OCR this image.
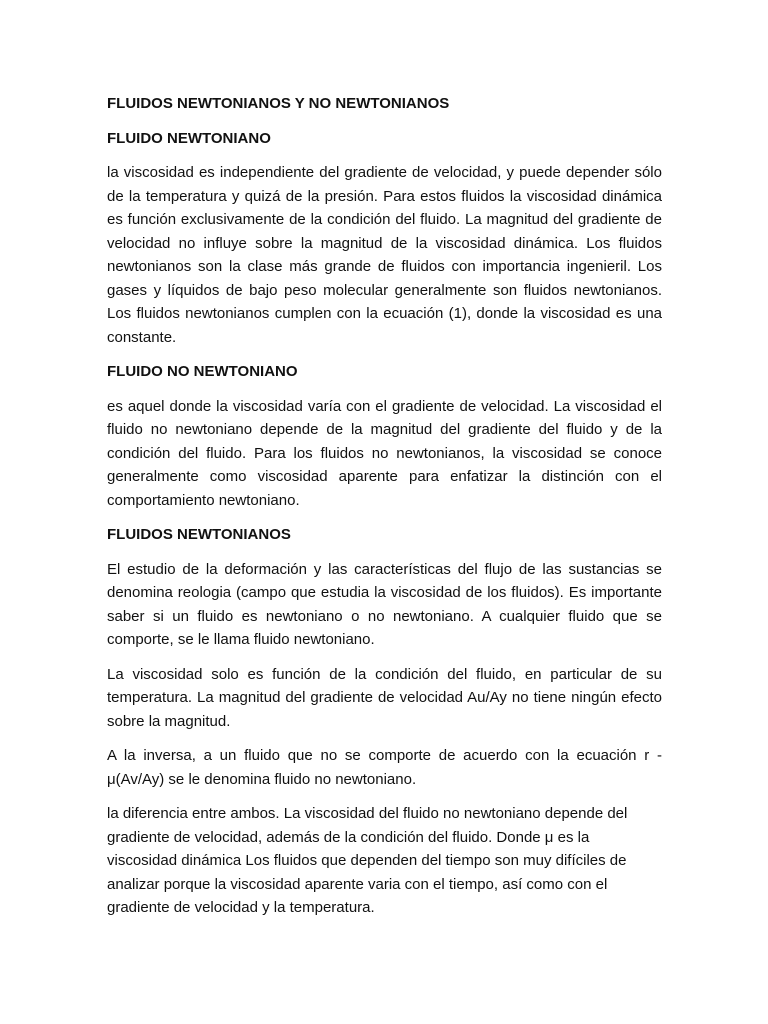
FLUIDOS NEWTONIANOS Y NO NEWTONIANOS

FLUIDO NEWTONIANO

la viscosidad es independiente del gradiente de velocidad, y puede depender sólo de la temperatura y quizá de la presión. Para estos fluidos la viscosidad dinámica es función exclusivamente de la condición del fluido. La magnitud del gradiente de velocidad no influye sobre la magnitud de la viscosidad dinámica. Los fluidos newtonianos son la clase más grande de fluidos con importancia ingenieril. Los gases y líquidos de bajo peso molecular generalmente son fluidos newtonianos. Los fluidos newtonianos cumplen con la ecuación (1), donde la viscosidad es una constante.

FLUIDO NO NEWTONIANO

es aquel donde la viscosidad varía con el gradiente de velocidad. La viscosidad el fluido no newtoniano depende de la magnitud del gradiente del fluido y de la condición del fluido. Para los fluidos no newtonianos, la viscosidad se conoce generalmente como viscosidad aparente para enfatizar la distinción con el comportamiento newtoniano.

FLUIDOS NEWTONIANOS

El estudio de la deformación y las características del flujo de las sustancias se denomina reologia (campo que estudia la viscosidad de los fluidos). Es importante saber si un fluido es newtoniano o no newtoniano. A cualquier fluido que se comporte, se le llama fluido newtoniano.

La viscosidad solo es función de la condición del fluido, en particular de su temperatura. La magnitud del gradiente de velocidad Au/Ay no tiene ningún efecto sobre la magnitud.

A la inversa, a un fluido que no se comporte de acuerdo con la ecuación r - μ(Av/Ay) se le denomina fluido no newtoniano.

la diferencia entre ambos. La viscosidad del fluido no newtoniano depende del gradiente de velocidad, además de la condición del fluido. Donde μ es la viscosidad dinámica Los fluidos que dependen del tiempo son muy difíciles de analizar porque la viscosidad aparente varia con el tiempo, así como con el gradiente de velocidad y la temperatura.
